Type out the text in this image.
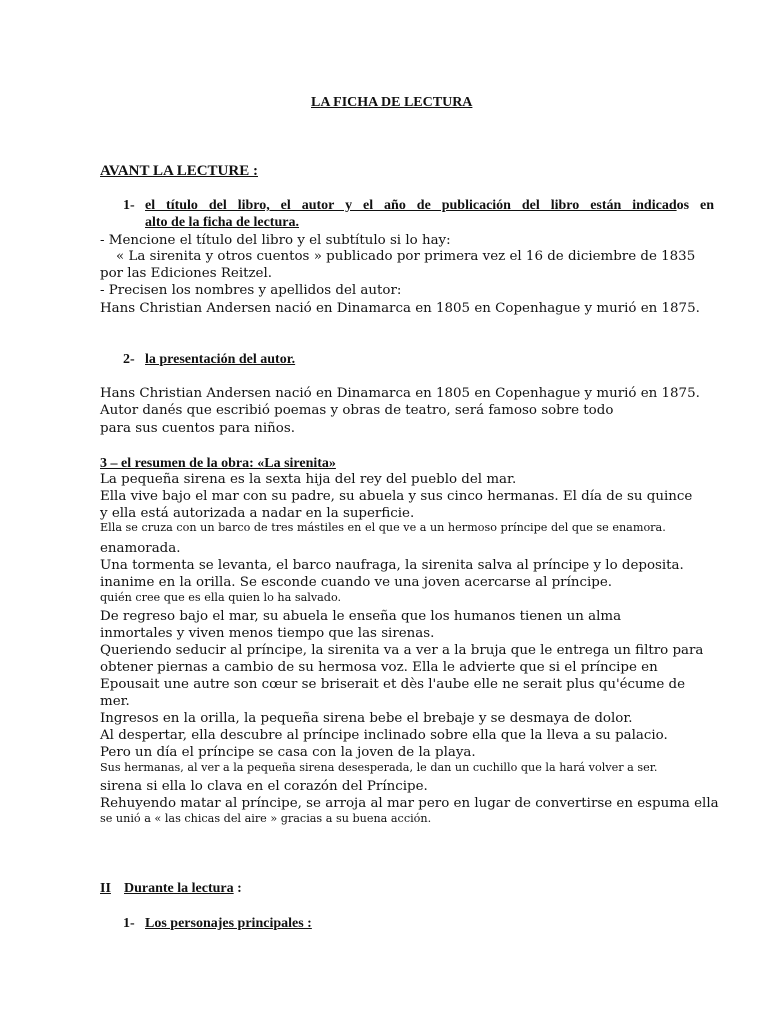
LA FICHA DE LECTURA
AVANT LA LECTURE :
1- el título del libro, el autor y el año de publicación del libro están indicados en
alto de la ficha de lectura.
- Mencione el título del libro y el subtítulo si lo hay:
« La sirenita y otros cuentos » publicado por primera vez el 16 de diciembre de 1835
por las Ediciones Reitzel.
- Precisen los nombres y apellidos del autor:
Hans Christian Andersen nació en Dinamarca en 1805 en Copenhague y murió en 1875.
2- la presentación del autor.
Hans Christian Andersen nació en Dinamarca en 1805 en Copenhague y murió en 1875.
Autor danés que escribió poemas y obras de teatro, será famoso sobre todo
para sus cuentos para niños.
3 – el resumen de la obra: «La sirenita»
La pequeña sirena es la sexta hija del rey del pueblo del mar.
Ella vive bajo el mar con su padre, su abuela y sus cinco hermanas. El día de su quince
y ella está autorizada a nadar en la superficie.
Ella se cruza con un barco de tres mástiles en el que ve a un hermoso príncipe del que se enamora.
enamorada.
Una tormenta se levanta, el barco naufraga, la sirenita salva al príncipe y lo deposita.
inanime en la orilla. Se esconde cuando ve una joven acercarse al príncipe.
quién cree que es ella quien lo ha salvado.
De regreso bajo el mar, su abuela le enseña que los humanos tienen un alma
inmortales y viven menos tiempo que las sirenas.
Queriendo seducir al príncipe, la sirenita va a ver a la bruja que le entrega un filtro para
obtener piernas a cambio de su hermosa voz. Ella le advierte que si el príncipe en
Epousait une autre son cœur se briserait et dès l'aube elle ne serait plus qu'écume de
mer.
Ingresos en la orilla, la pequeña sirena bebe el brebaje y se desmaya de dolor.
Al despertar, ella descubre al príncipe inclinado sobre ella que la lleva a su palacio.
Pero un día el príncipe se casa con la joven de la playa.
Sus hermanas, al ver a la pequeña sirena desesperada, le dan un cuchillo que la hará volver a ser.
sirena si ella lo clava en el corazón del Príncipe.
Rehuyendo matar al príncipe, se arroja al mar pero en lugar de convertirse en espuma ella
se unió a « las chicas del aire » gracias a su buena acción.
II Durante la lectura :
1- Los personajes principales :
